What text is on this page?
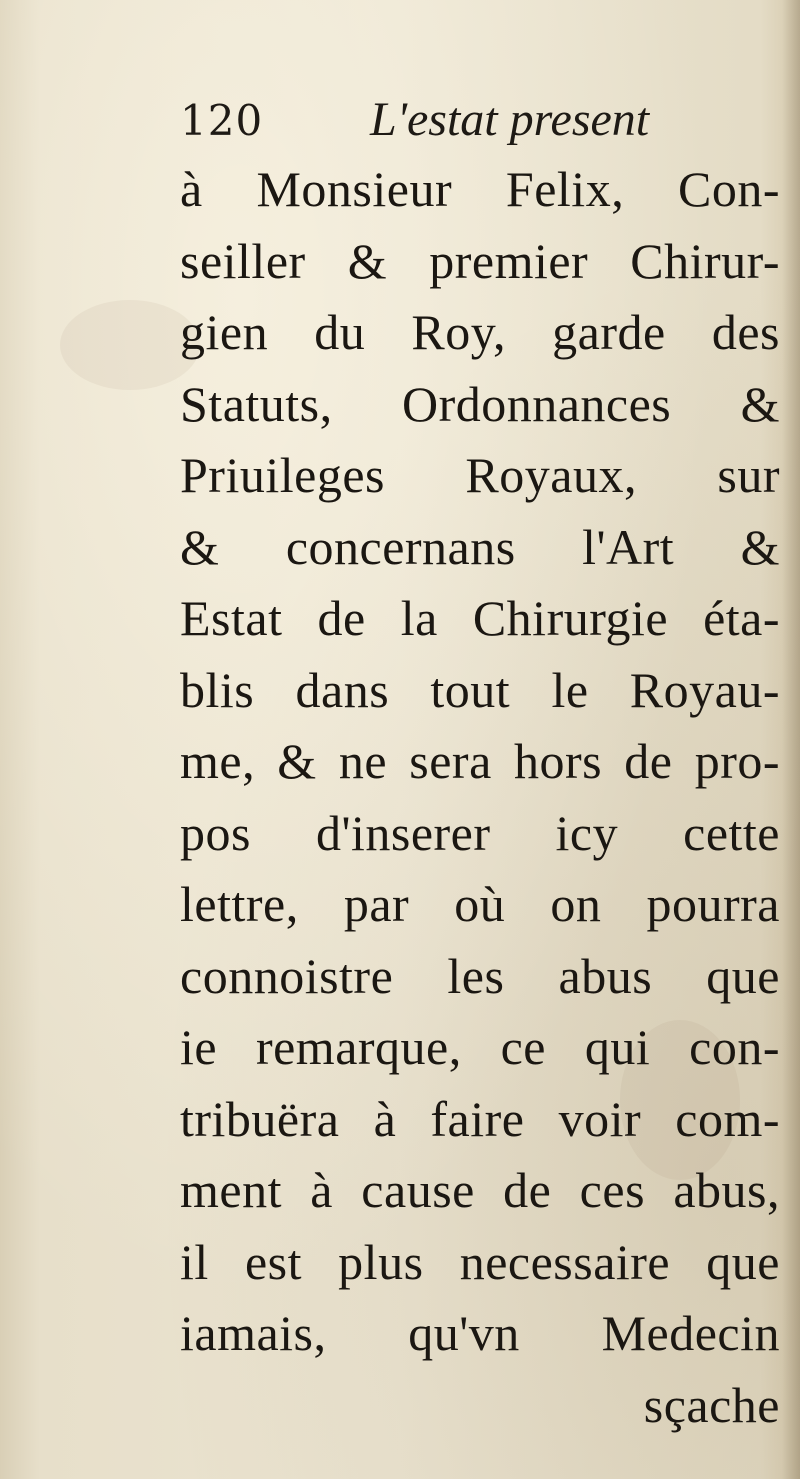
120 L'estat present
à Monsieur Felix, Con-
seiller & premier Chirur-
gien du Roy, garde des
Statuts, Ordonnances &
Priuileges Royaux, sur
& concernans l'Art &
Estat de la Chirurgie éta-
blis dans tout le Royau-
me, & ne sera hors de pro-
pos d'inserer icy cette
lettre, par où on pourra
connoistre les abus que
ie remarque, ce qui con-
tribuëra à faire voir com-
ment à cause de ces abus,
il est plus necessaire que
iamais, qu'vn Medecin
sçache
